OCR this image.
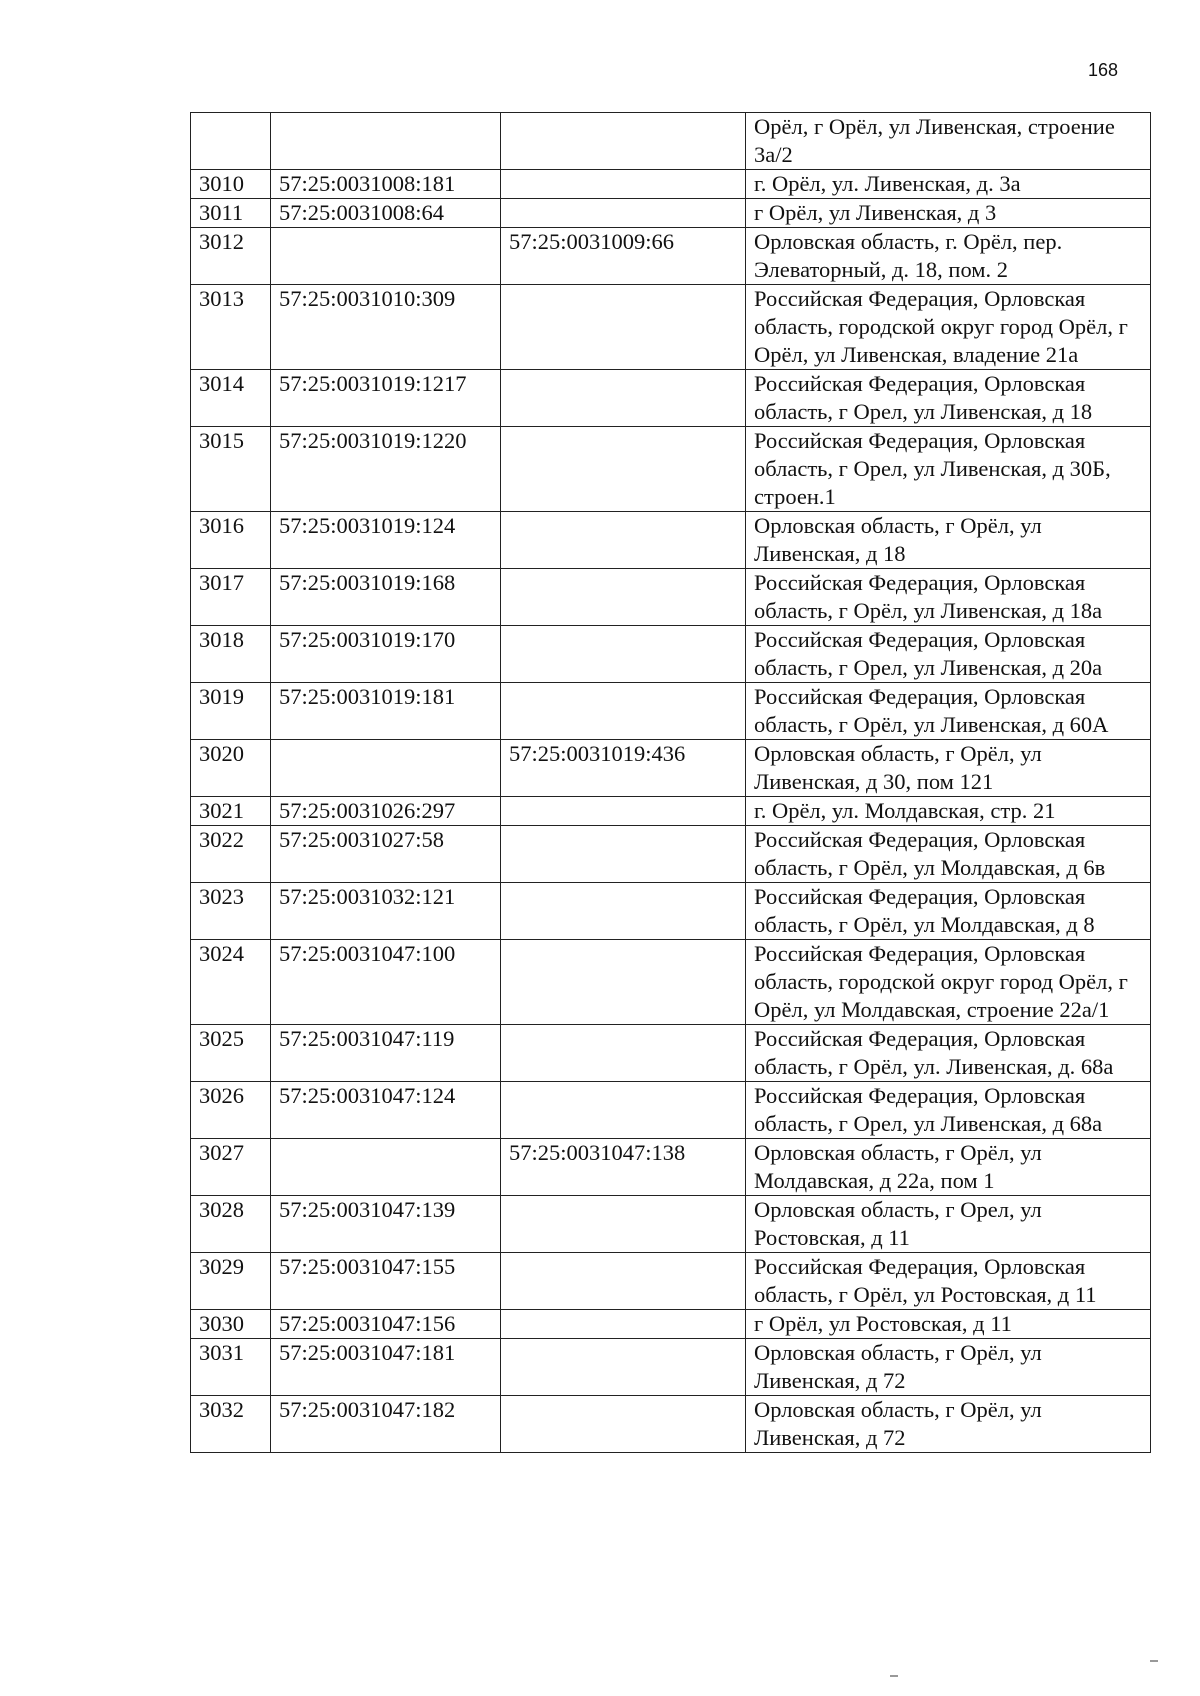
168
			Орёл, г Орёл, ул Ливенская, строение 3а/2
3010	57:25:0031008:181		г. Орёл, ул. Ливенская, д. 3а
3011	57:25:0031008:64		г Орёл, ул Ливенская, д 3
3012		57:25:0031009:66	Орловская область, г. Орёл, пер. Элеваторный, д. 18, пом. 2
3013	57:25:0031010:309		Российская Федерация, Орловская область, городской округ город Орёл, г Орёл, ул Ливенская, владение 21а
3014	57:25:0031019:1217		Российская Федерация, Орловская область, г Орел, ул Ливенская, д 18
3015	57:25:0031019:1220		Российская Федерация, Орловская область, г Орел, ул Ливенская, д 30Б, строен.1
3016	57:25:0031019:124		Орловская область, г Орёл, ул Ливенская, д 18
3017	57:25:0031019:168		Российская Федерация, Орловская область, г Орёл, ул Ливенская, д 18а
3018	57:25:0031019:170		Российская Федерация, Орловская область, г Орел, ул Ливенская, д 20а
3019	57:25:0031019:181		Российская Федерация, Орловская область, г Орёл, ул Ливенская, д 60А
3020		57:25:0031019:436	Орловская область, г Орёл, ул Ливенская, д 30, пом 121
3021	57:25:0031026:297		г. Орёл, ул. Молдавская, стр. 21
3022	57:25:0031027:58		Российская Федерация, Орловская область, г Орёл, ул Молдавская, д 6в
3023	57:25:0031032:121		Российская Федерация, Орловская область, г Орёл, ул Молдавская, д 8
3024	57:25:0031047:100		Российская Федерация, Орловская область, городской округ город Орёл, г Орёл, ул Молдавская, строение 22а/1
3025	57:25:0031047:119		Российская Федерация, Орловская область, г Орёл, ул. Ливенская, д. 68а
3026	57:25:0031047:124		Российская Федерация, Орловская область, г Орел, ул Ливенская, д 68а
3027		57:25:0031047:138	Орловская область, г Орёл, ул Молдавская, д 22а, пом 1
3028	57:25:0031047:139		Орловская область, г Орел, ул Ростовская, д 11
3029	57:25:0031047:155		Российская Федерация, Орловская область, г Орёл, ул Ростовская, д 11
3030	57:25:0031047:156		г Орёл, ул Ростовская, д 11
3031	57:25:0031047:181		Орловская область, г Орёл, ул Ливенская, д 72
3032	57:25:0031047:182		Орловская область, г Орёл, ул Ливенская, д 72
